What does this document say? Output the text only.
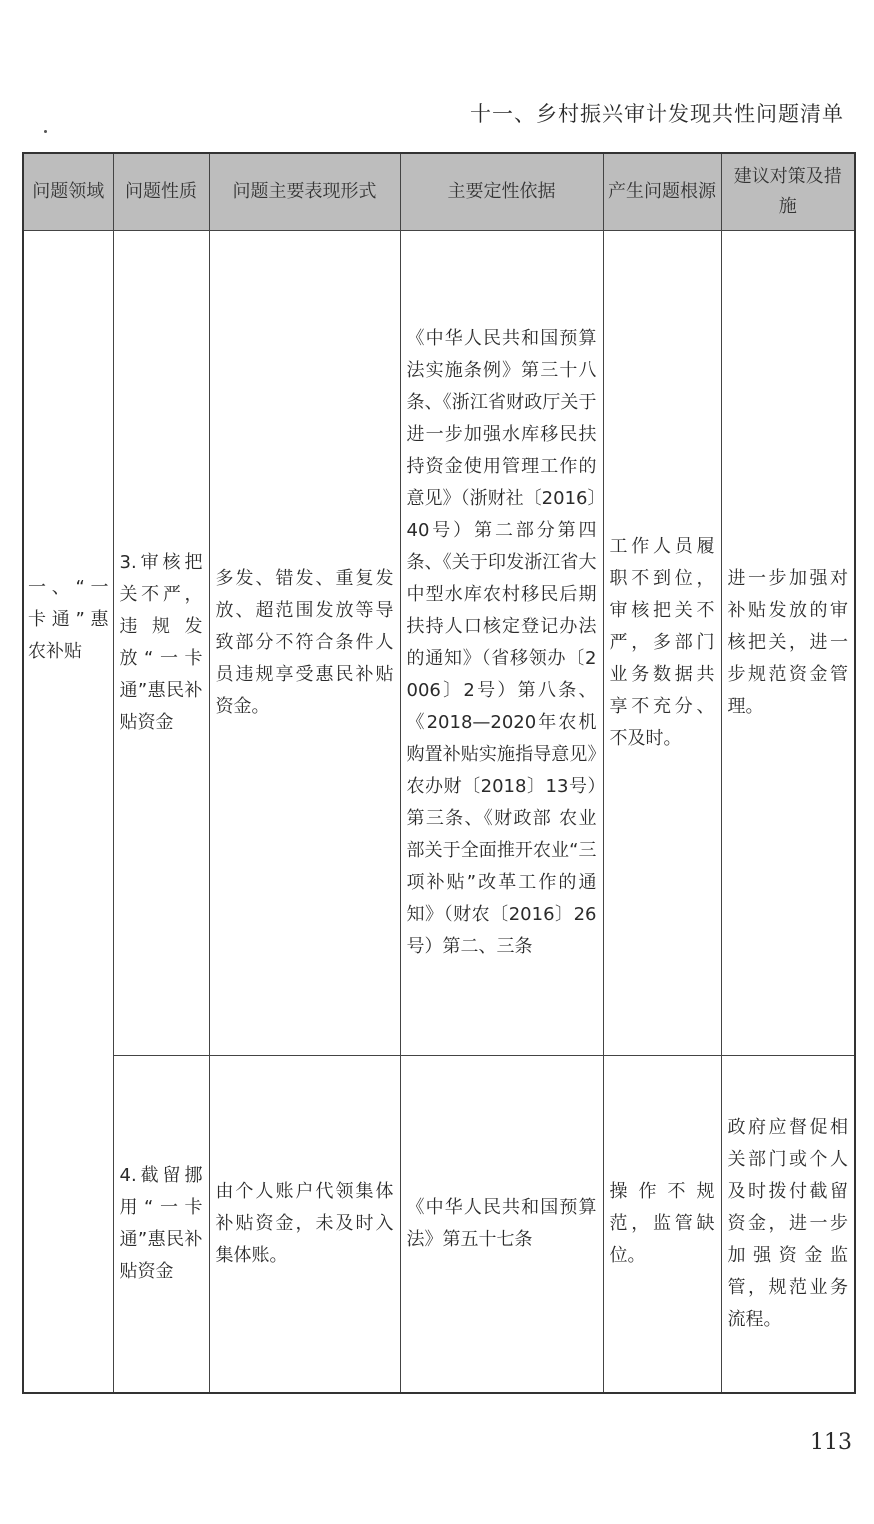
十一、乡村振兴审计发现共性问题清单
问题领域	问题性质	问题主要表现形式	主要定性依据	产生问题根源	建议对策及措施

一、“一卡通”惠农补贴	3.审核把关不严，违规发放“一卡通”惠民补贴资金	多发、错发、重复发放、超范围发放等导致部分不符合条件人员违规享受惠民补贴资金。	《中华人民共和国预算法实施条例》第三十八条、《浙江省财政厅关于进一步加强水库移民扶持资金使用管理工作的意见》（浙财社〔2016〕40号）第二部分第四条、《关于印发浙江省大中型水库农村移民后期扶持人口核定登记办法的通知》（省移领办〔2006〕2号）第八条、《2018—2020年农机购置补贴实施指导意见》农办财〔2018〕13号）第三条、《财政部 农业部关于全面推开农业“三项补贴”改革工作的通知》（财农〔2016〕26号）第二、三条	工作人员履职不到位，审核把关不严，多部门业务数据共享不充分、不及时。	进一步加强对补贴发放的审核把关，进一步规范资金管理。

	4.截留挪用“一卡通”惠民补贴资金	由个人账户代领集体补贴资金，未及时入集体账。	《中华人民共和国预算法》第五十七条	操作不规范，监管缺位。	政府应督促相关部门或个人及时拨付截留资金，进一步加强资金监管，规范业务流程。
113
